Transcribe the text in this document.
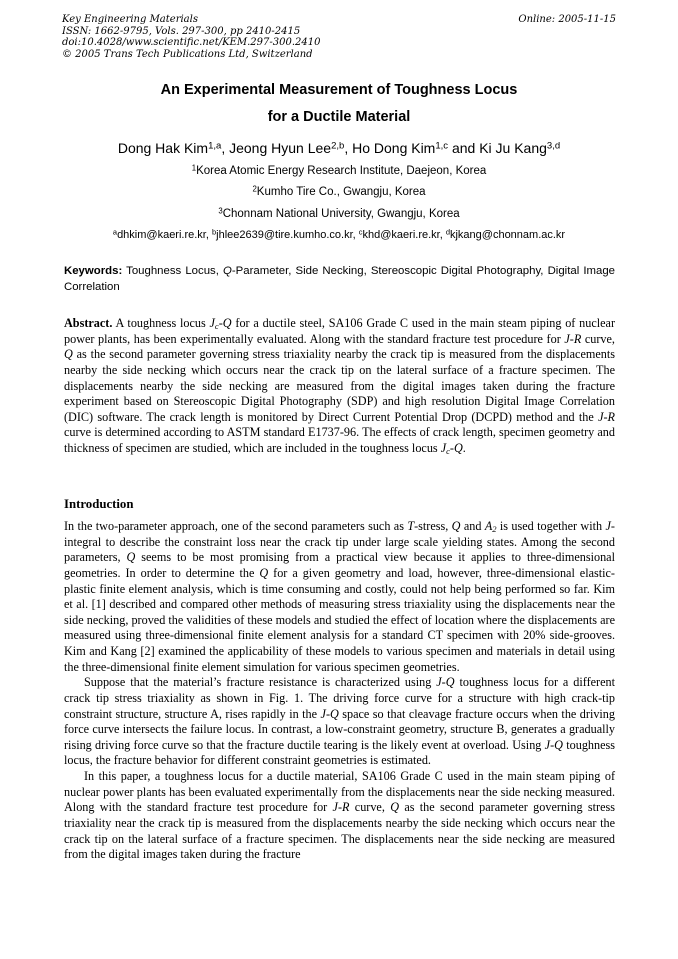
Key Engineering Materials
ISSN: 1662-9795, Vols. 297-300, pp 2410-2415
doi:10.4028/www.scientific.net/KEM.297-300.2410
© 2005 Trans Tech Publications Ltd, Switzerland
Online: 2005-11-15
An Experimental Measurement of Toughness Locus
for a Ductile Material
Dong Hak Kim$^{1,a}$, Jeong Hyun Lee$^{2,b}$, Ho Dong Kim$^{1,c}$ and Ki Ju Kang$^{3,d}$
$^1$Korea Atomic Energy Research Institute, Daejeon, Korea
$^2$Kumho Tire Co., Gwangju, Korea
$^3$Chonnam National University, Gwangju, Korea
$^a$dhkim@kaeri.re.kr, $^b$jhlee2639@tire.kumho.co.kr, $^c$khd@kaeri.re.kr, $^d$kjkang@chonnam.ac.kr
Keywords: Toughness Locus, Q-Parameter, Side Necking, Stereoscopic Digital Photography, Digital Image Correlation

Abstract. A toughness locus $J_c-Q$ for a ductile steel, SA106 Grade C used in the main steam piping of nuclear power plants, has been experimentally evaluated. Along with the standard fracture test procedure for J-R curve, Q as the second parameter governing stress triaxiality nearby the crack tip is measured from the displacements nearby the side necking which occurs near the crack tip on the lateral surface of a fracture specimen. The displacements nearby the side necking are measured from the digital images taken during the fracture experiment based on Stereoscopic Digital Photography (SDP) and high resolution Digital Image Correlation (DIC) software. The crack length is monitored by Direct Current Potential Drop (DCPD) method and the J-R curve is determined according to ASTM standard E1737-96. The effects of crack length, specimen geometry and thickness of specimen are studied, which are included in the toughness locus $J_c-Q$.

Introduction

In the two-parameter approach, one of the second parameters such as T-stress, Q and $A_2$ is used together with J-integral to describe the constraint loss near the crack tip under large scale yielding states. Among the second parameters, Q seems to be most promising from a practical view because it applies to three-dimensional geometries. In order to determine the Q for a given geometry and load, however, three-dimensional elastic-plastic finite element analysis, which is time consuming and costly, could not help being performed so far. Kim et al. [1] described and compared other methods of measuring stress triaxiality using the displacements near the side necking, proved the validities of these models and studied the effect of location where the displacements are measured using three-dimensional finite element analysis for a standard CT specimen with 20% side-grooves. Kim and Kang [2] examined the applicability of these models to various specimen and materials in detail using the three-dimensional finite element simulation for various specimen geometries.

Suppose that the material’s fracture resistance is characterized using J-Q toughness locus for a different crack tip stress triaxiality as shown in Fig. 1. The driving force curve for a structure with high crack-tip constraint structure, structure A, rises rapidly in the J-Q space so that cleavage fracture occurs when the driving force curve intersects the failure locus. In contrast, a low-constraint geometry, structure B, generates a gradually rising driving force curve so that the fracture ductile tearing is the likely event at overload. Using J-Q toughness locus, the fracture behavior for different constraint geometries is estimated.

In this paper, a toughness locus for a ductile material, SA106 Grade C used in the main steam piping of nuclear power plants has been evaluated experimentally from the displacements near the side necking measured. Along with the standard fracture test procedure for J-R curve, Q as the second parameter governing stress triaxiality near the crack tip is measured from the displacements nearby the side necking which occurs near the crack tip on the lateral surface of a fracture specimen. The displacements near the side necking are measured from the digital images taken during the fracture
